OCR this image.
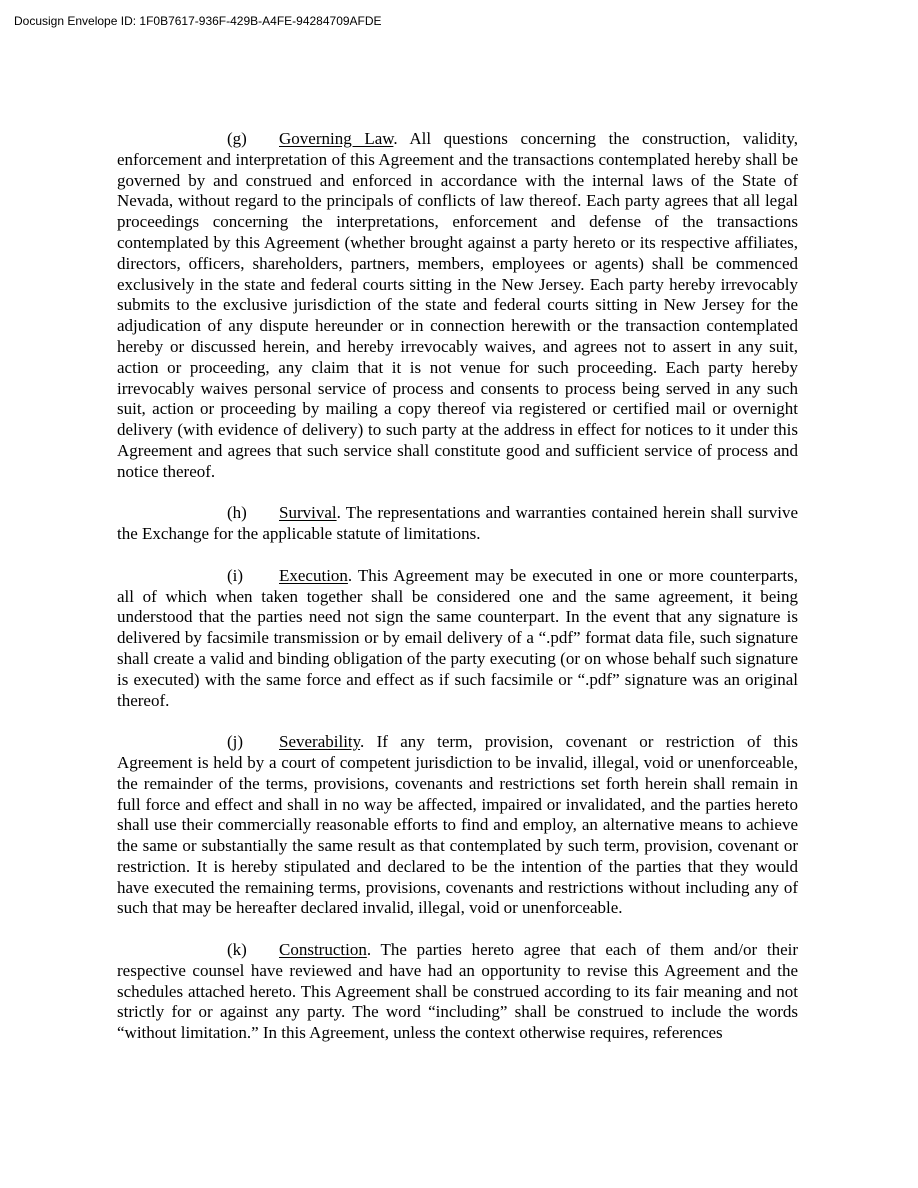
Docusign Envelope ID: 1F0B7617-936F-429B-A4FE-94284709AFDE

(g) Governing Law. All questions concerning the construction, validity, enforcement and interpretation of this Agreement and the transactions contemplated hereby shall be governed by and construed and enforced in accordance with the internal laws of the State of Nevada, without regard to the principals of conflicts of law thereof. Each party agrees that all legal proceedings concerning the interpretations, enforcement and defense of the transactions contemplated by this Agreement (whether brought against a party hereto or its respective affiliates, directors, officers, shareholders, partners, members, employees or agents) shall be commenced exclusively in the state and federal courts sitting in the New Jersey. Each party hereby irrevocably submits to the exclusive jurisdiction of the state and federal courts sitting in New Jersey for the adjudication of any dispute hereunder or in connection herewith or the transaction contemplated hereby or discussed herein, and hereby irrevocably waives, and agrees not to assert in any suit, action or proceeding, any claim that it is not venue for such proceeding. Each party hereby irrevocably waives personal service of process and consents to process being served in any such suit, action or proceeding by mailing a copy thereof via registered or certified mail or overnight delivery (with evidence of delivery) to such party at the address in effect for notices to it under this Agreement and agrees that such service shall constitute good and sufficient service of process and notice thereof.

(h) Survival. The representations and warranties contained herein shall survive the Exchange for the applicable statute of limitations.

(i) Execution. This Agreement may be executed in one or more counterparts, all of which when taken together shall be considered one and the same agreement, it being understood that the parties need not sign the same counterpart. In the event that any signature is delivered by facsimile transmission or by email delivery of a “.pdf” format data file, such signature shall create a valid and binding obligation of the party executing (or on whose behalf such signature is executed) with the same force and effect as if such facsimile or “.pdf” signature was an original thereof.

(j) Severability. If any term, provision, covenant or restriction of this Agreement is held by a court of competent jurisdiction to be invalid, illegal, void or unenforceable, the remainder of the terms, provisions, covenants and restrictions set forth herein shall remain in full force and effect and shall in no way be affected, impaired or invalidated, and the parties hereto shall use their commercially reasonable efforts to find and employ, an alternative means to achieve the same or substantially the same result as that contemplated by such term, provision, covenant or restriction. It is hereby stipulated and declared to be the intention of the parties that they would have executed the remaining terms, provisions, covenants and restrictions without including any of such that may be hereafter declared invalid, illegal, void or unenforceable.

(k) Construction. The parties hereto agree that each of them and/or their respective counsel have reviewed and have had an opportunity to revise this Agreement and the schedules attached hereto. This Agreement shall be construed according to its fair meaning and not strictly for or against any party. The word “including” shall be construed to include the words “without limitation.” In this Agreement, unless the context otherwise requires, references
